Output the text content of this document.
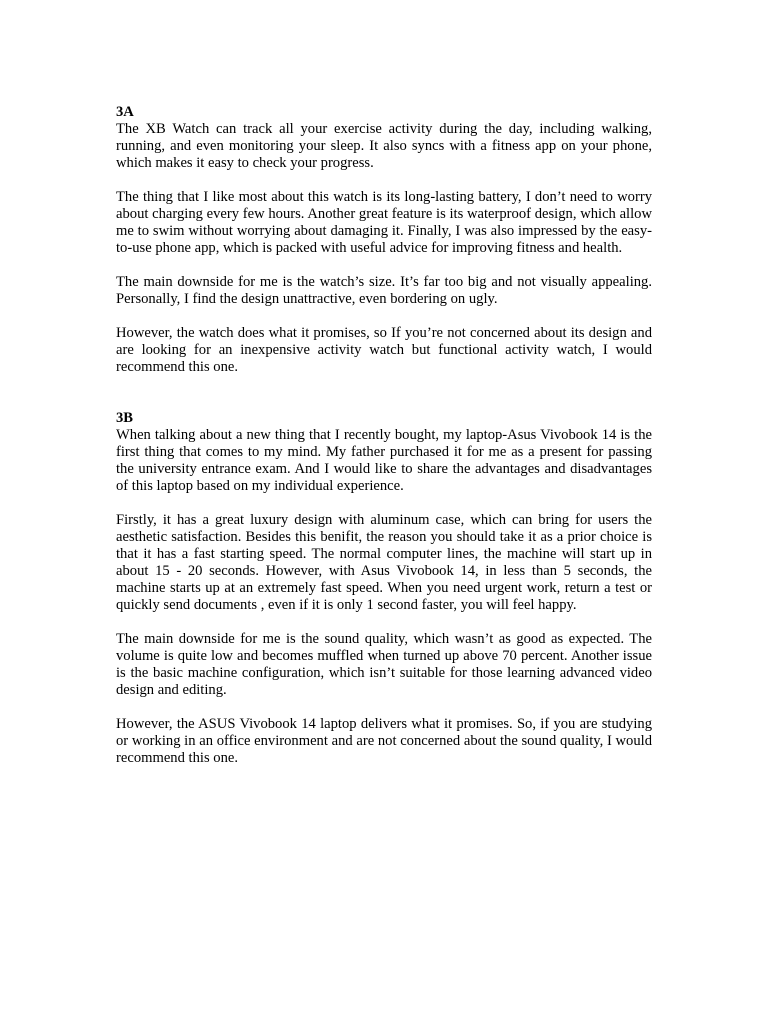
3A

The XB Watch can track all your exercise activity during the day, including walking, running, and even monitoring your sleep. It also syncs with a fitness app on your phone, which makes it easy to check your progress.

The thing that I like most about this watch is its long-lasting battery, I don’t need to worry about charging every few hours. Another great feature is its waterproof design, which allow me to swim without worrying about damaging it. Finally, I was also impressed by the easy-to-use phone app, which is packed with useful advice for improving fitness and health.

The main downside for me is the watch’s size. It’s far too big and not visually appealing. Personally, I find the design unattractive, even bordering on ugly.

However, the watch does what it promises, so If you’re not concerned about its design and are looking for an inexpensive activity watch but functional activity watch, I would recommend this one.

3B

When talking about a new thing that I recently bought, my laptop-Asus Vivobook 14 is the first thing that comes to my mind. My father purchased it for me as a present for passing the university entrance exam. And I would like to share the advantages and disadvantages of this laptop based on my individual experience.

Firstly, it has a great luxury design with aluminum case, which can bring for users the aesthetic satisfaction. Besides this benifit, the reason you should take it as a prior choice is that it has a fast starting speed. The normal computer lines, the machine will start up in about 15 - 20 seconds. However, with Asus Vivobook 14, in less than 5 seconds, the machine starts up at an extremely fast speed. When you need urgent work, return a test or quickly send documents , even if it is only 1 second faster, you will feel happy.

The main downside for me is the sound quality, which wasn’t as good as expected. The volume is quite low and becomes muffled when turned up above 70 percent. Another issue is the basic machine configuration, which isn’t suitable for those learning advanced video design and editing.

However, the ASUS Vivobook 14 laptop delivers what it promises. So, if you are studying or working in an office environment and are not concerned about the sound quality, I would recommend this one.
